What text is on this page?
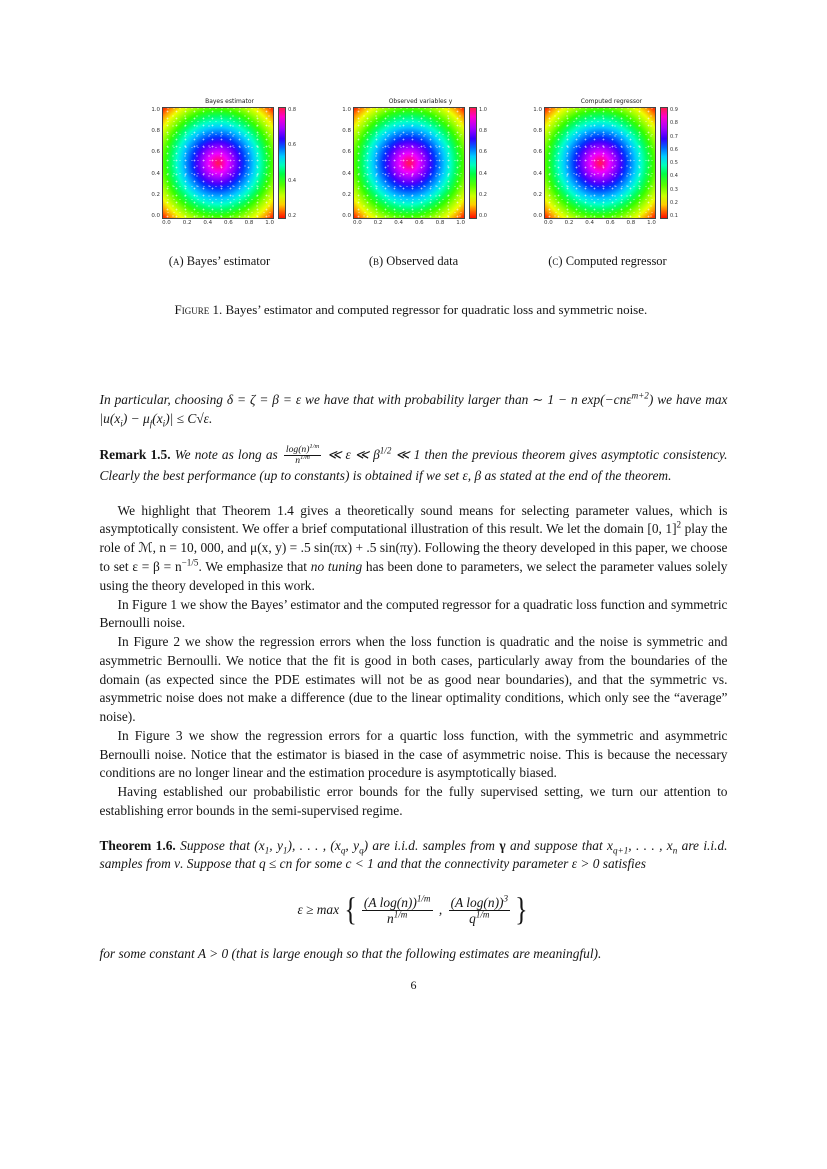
Bayes estimator
1.0
0.8
0.6
0.4
0.2
0.0
0.8
0.6
0.4
0.2
0.0 0.2 0.4 0.6 0.8 1.0
Observed variables y
1.0
0.8
0.6
0.4
0.2
0.0
1.0
0.8
0.6
0.4
0.2
0.0
0.0 0.2 0.4 0.6 0.8 1.0
Computed regressor
1.0
0.8
0.6
0.4
0.2
0.0
0.9
0.8
0.7
0.6
0.5
0.4
0.3
0.2
0.1
0.0 0.2 0.4 0.6 0.8 1.0
(a) Bayes’ estimator	(b) Observed data	(c) Computed regressor
Figure 1. Bayes’ estimator and computed regressor for quadratic loss and symmetric noise.

In particular, choosing δ = ζ = β = ε we have that with probability larger than ∼ 1 − n exp(−cnε$^{m+2}$) we have $\max |u(x_i) - \mu_f(x_i)| \le C√\varepsilon$.

Remark 1.5. We note as long as $\frac{\log(n)^{1/m}}{n^{1/m}}$ ≪ ε ≪ $\beta^{1/2}$ ≪ 1 then the previous theorem gives asymptotic consistency. Clearly the best performance (up to constants) is obtained if we set ε, β as stated at the end of the theorem.

We highlight that Theorem 1.4 gives a theoretically sound means for selecting parameter values, which is asymptotically consistent. We offer a brief computational illustration of this result. We let the domain [0, 1]$^2$ play the role of ℳ, n = 10, 000, and μ(x, y) = .5 sin(πx) + .5 sin(πy). Following the theory developed in this paper, we choose to set $\varepsilon = \beta = n^{-1/5}$. We emphasize that no tuning has been done to parameters, we select the parameter values solely using the theory developed in this work.

In Figure 1 we show the Bayes’ estimator and the computed regressor for a quadratic loss function and symmetric Bernoulli noise.

In Figure 2 we show the regression errors when the loss function is quadratic and the noise is symmetric and asymmetric Bernoulli. We notice that the fit is good in both cases, particularly away from the boundaries of the domain (as expected since the PDE estimates will not be as good near boundaries), and that the symmetric vs. asymmetric noise does not make a difference (due to the linear optimality conditions, which only see the “average” noise).

In Figure 3 we show the regression errors for a quartic loss function, with the symmetric and asymmetric Bernoulli noise. Notice that the estimator is biased in the case of asymmetric noise. This is because the necessary conditions are no longer linear and the estimation procedure is asymptotically biased.

Having established our probabilistic error bounds for the fully supervised setting, we turn our attention to establishing error bounds in the semi-supervised regime.

Theorem 1.6. Suppose that ($x_1$, $y_1$), . . . , ($x_q$, $y_q$) are i.i.d. samples from γ and suppose that $x_{q+1}$, . . . , $x_n$ are i.i.d. samples from ν. Suppose that q ≤ cn for some c < 1 and that the connectivity parameter ε > 0 satisfies

ε ≥ max { $\frac{(A \log(n))^{1/m}}{n^{1/m}}$ , $\frac{(A \log(n))^3}{q^{1/m}}$ }

for some constant A > 0 (that is large enough so that the following estimates are meaningful).

6
